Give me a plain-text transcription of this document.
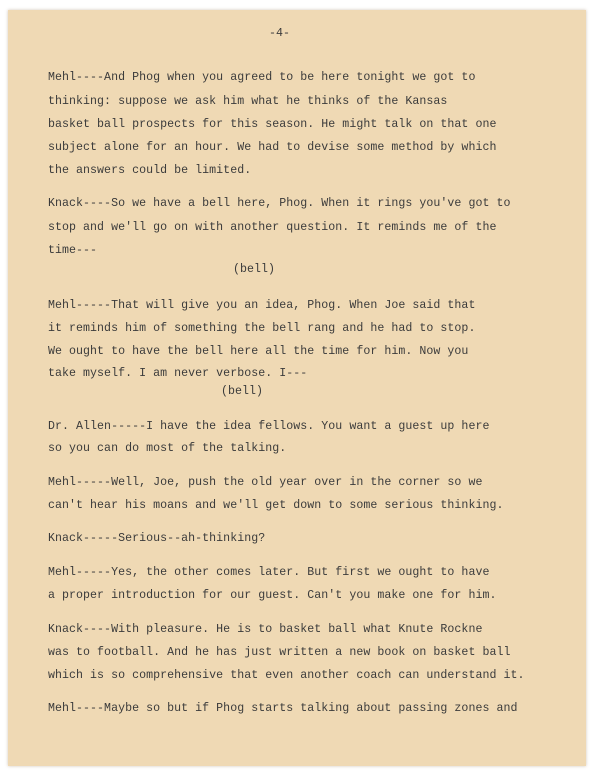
-4-

Mehl----And Phog when you agreed to be here tonight we got to

thinking: suppose we ask him what he thinks of the Kansas

basket ball prospects for this season. He might talk on that one

subject alone for an hour. We had to devise some method by which

the answers could be limited.

Knack----So we have a bell here, Phog. When it rings you've got to

stop and we'll go on with another question. It reminds me of the

time---

(bell)

Mehl-----That will give you an idea, Phog. When Joe said that

it reminds him of something the bell rang and he had to stop.

We ought to have the bell here all the time for him. Now you

take myself. I am never verbose. I---

(bell)

Dr. Allen-----I have the idea fellows. You want a guest up here

so you can do most of the talking.

Mehl-----Well, Joe, push the old year over in the corner so we

can't hear his moans and we'll get down to some serious thinking.

Knack-----Serious--ah-thinking?

Mehl-----Yes, the other comes later. But first we ought to have

a proper introduction for our guest. Can't you make one for him.

Knack----With pleasure. He is to basket ball what Knute Rockne

was to football. And he has just written a new book on basket ball

which is so comprehensive that even another coach can understand it.

Mehl----Maybe so but if Phog starts talking about passing zones and
